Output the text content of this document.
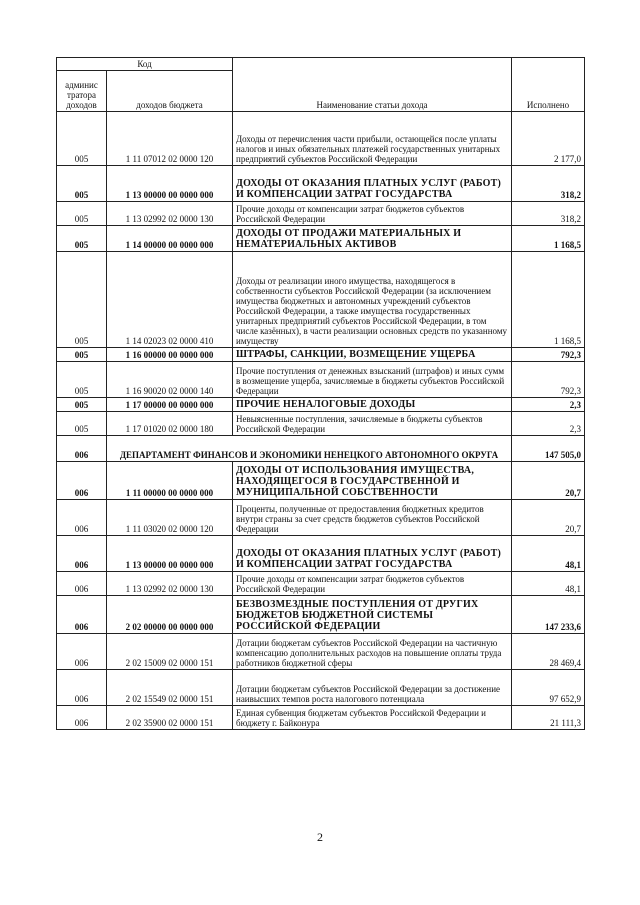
Код		Наименование статьи дохода	Исполнено
админис тратора доходов	доходов бюджета		
005	1 11 07012 02 0000 120	Доходы от перечисления части прибыли, остающейся после уплаты налогов и иных обязательных платежей государственных унитарных предприятий субъектов Российской Федерации	2 177,0
005	1 13 00000 00 0000 000	ДОХОДЫ ОТ ОКАЗАНИЯ ПЛАТНЫХ УСЛУГ (РАБОТ) И КОМПЕНСАЦИИ ЗАТРАТ ГОСУДАРСТВА	318,2
005	1 13 02992 02 0000 130	Прочие доходы от компенсации затрат бюджетов субъектов Российской Федерации	318,2
005	1 14 00000 00 0000 000	ДОХОДЫ ОТ ПРОДАЖИ МАТЕРИАЛЬНЫХ И НЕМАТЕРИАЛЬНЫХ АКТИВОВ	1 168,5
005	1 14 02023 02 0000 410	Доходы от реализации иного имущества, находящегося в собственности субъектов Российской Федерации (за исключением имущества бюджетных и автономных учреждений субъектов Российской Федерации, а также имущества государственных унитарных предприятий субъектов Российской Федерации, в том числе казённых), в части реализации основных средств по указанному имуществу	1 168,5
005	1 16 00000 00 0000 000	ШТРАФЫ, САНКЦИИ, ВОЗМЕЩЕНИЕ УЩЕРБА	792,3
005	1 16 90020 02 0000 140	Прочие поступления от денежных взысканий (штрафов) и иных сумм в возмещение ущерба, зачисляемые в бюджеты субъектов Российской Федерации	792,3
005	1 17 00000 00 0000 000	ПРОЧИЕ НЕНАЛОГОВЫЕ ДОХОДЫ	2,3
005	1 17 01020 02 0000 180	Невыясненные поступления, зачисляемые в бюджеты субъектов Российской Федерации	2,3
006	ДЕПАРТАМЕНТ ФИНАНСОВ И ЭКОНОМИКИ НЕНЕЦКОГО АВТОНОМНОГО ОКРУГА		147 505,0
006	1 11 00000 00 0000 000	ДОХОДЫ ОТ ИСПОЛЬЗОВАНИЯ ИМУЩЕСТВА, НАХОДЯЩЕГОСЯ В ГОСУДАРСТВЕННОЙ И МУНИЦИПАЛЬНОЙ СОБСТВЕННОСТИ	20,7
006	1 11 03020 02 0000 120	Проценты, полученные от предоставления бюджетных кредитов внутри страны за счет средств бюджетов субъектов Российской Федерации	20,7
006	1 13 00000 00 0000 000	ДОХОДЫ ОТ ОКАЗАНИЯ ПЛАТНЫХ УСЛУГ (РАБОТ) И КОМПЕНСАЦИИ ЗАТРАТ ГОСУДАРСТВА	48,1
006	1 13 02992 02 0000 130	Прочие доходы от компенсации затрат бюджетов субъектов Российской Федерации	48,1
006	2 02 00000 00 0000 000	БЕЗВОЗМЕЗДНЫЕ ПОСТУПЛЕНИЯ ОТ ДРУГИХ БЮДЖЕТОВ БЮДЖЕТНОЙ СИСТЕМЫ РОССИЙСКОЙ ФЕДЕРАЦИИ	147 233,6
006	2 02 15009 02 0000 151	Дотации бюджетам субъектов Российской Федерации на частичную компенсацию дополнительных расходов на повышение оплаты труда работников бюджетной сферы	28 469,4
006	2 02 15549 02 0000 151	Дотации бюджетам субъектов Российской Федерации за достижение наивысших темпов роста налогового потенциала	97 652,9
006	2 02 35900 02 0000 151	Единая субвенция бюджетам субъектов Российской Федерации и бюджету г. Байконура	21 111,3
2
